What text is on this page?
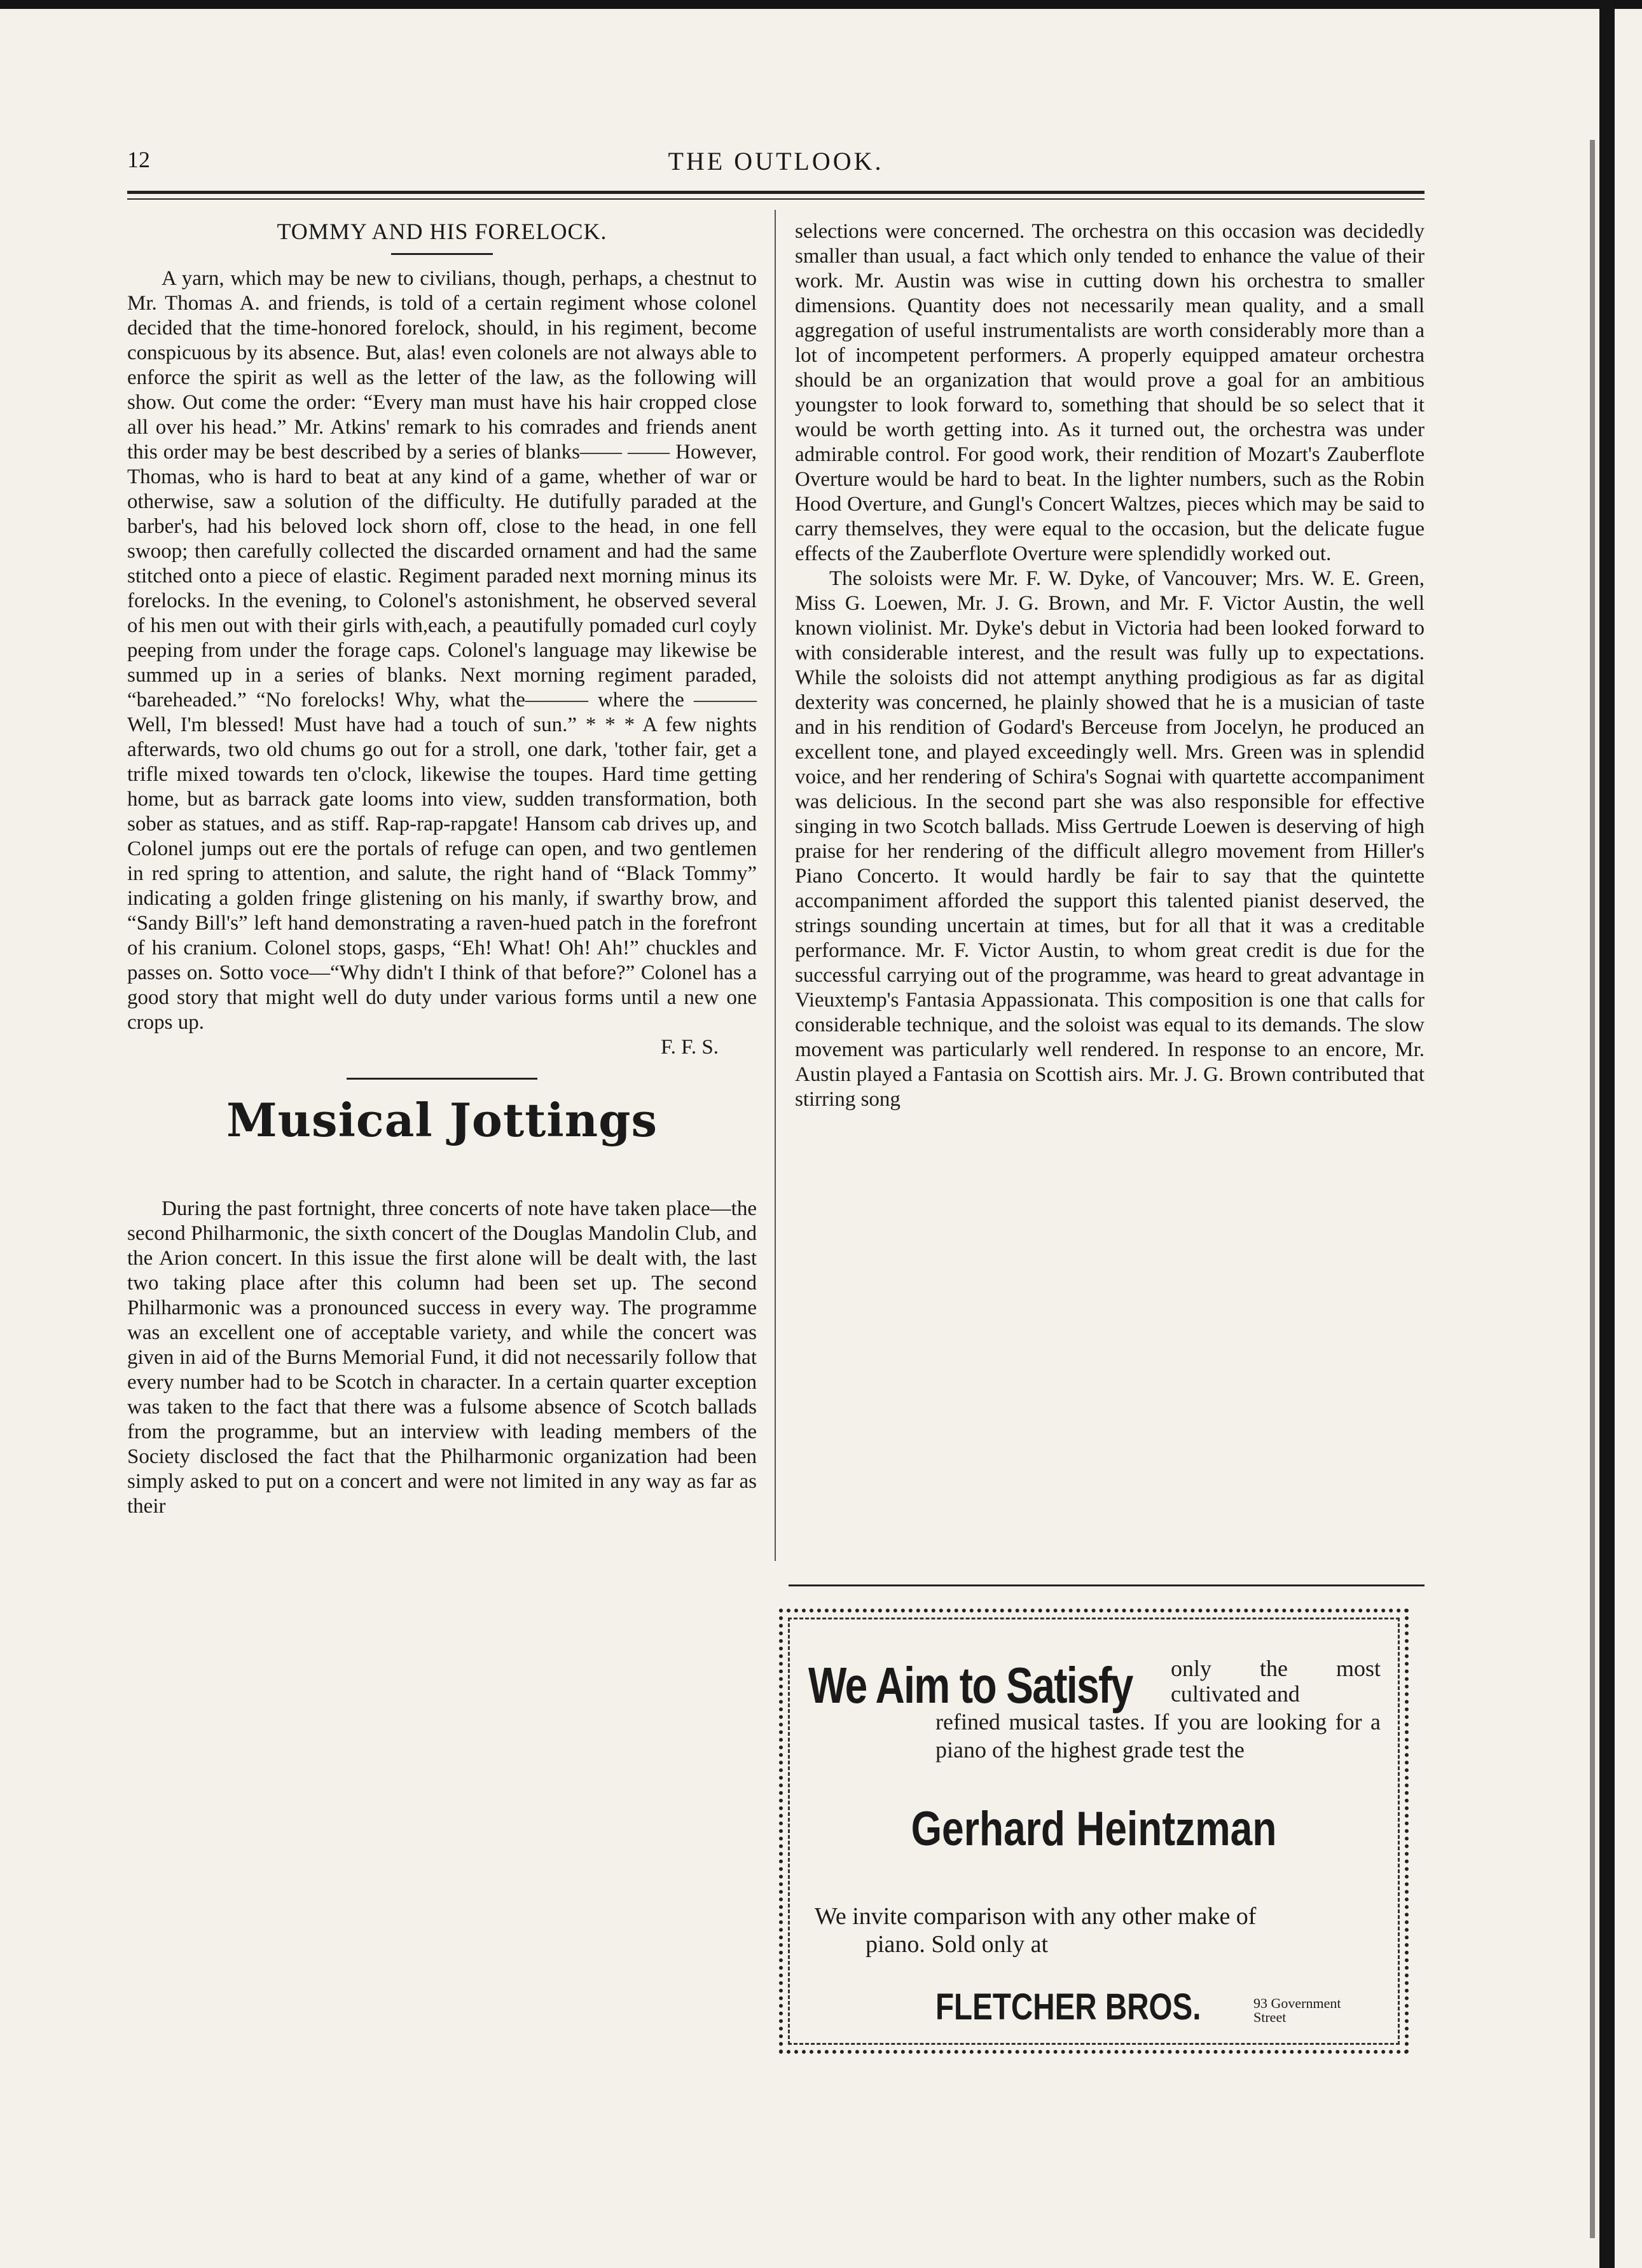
12	THE OUTLOOK.
TOMMY AND HIS FORELOCK.

A yarn, which may be new to civilians, though, perhaps, a chestnut to Mr. Thomas A. and friends, is told of a certain regiment whose colonel decided that the time-honored forelock, should, in his regiment, become conspicuous by its absence. But, alas! even colonels are not always able to enforce the spirit as well as the letter of the law, as the following will show. Out come the order: “Every man must have his hair cropped close all over his head.” Mr. Atkins' remark to his comrades and friends anent this order may be best described by a series of blanks—— —— However, Thomas, who is hard to beat at any kind of a game, whether of war or otherwise, saw a solution of the difficulty. He dutifully paraded at the barber's, had his beloved lock shorn off, close to the head, in one fell swoop; then carefully collected the discarded ornament and had the same stitched onto a piece of elastic. Regiment paraded next morning minus its forelocks. In the evening, to Colonel's astonishment, he observed several of his men out with their girls with,each, a peautifully pomaded curl coyly peeping from under the forage caps. Colonel's language may likewise be summed up in a series of blanks. Next morning regiment paraded, “bareheaded.” “No forelocks! Why, what the——— where the ——— Well, I'm blessed! Must have had a touch of sun.” * * * A few nights afterwards, two old chums go out for a stroll, one dark, 'tother fair, get a trifle mixed towards ten o'clock, likewise the toupes. Hard time getting home, but as barrack gate looms into view, sudden transformation, both sober as statues, and as stiff. Rap-rap-rapgate! Hansom cab drives up, and Colonel jumps out ere the portals of refuge can open, and two gentlemen in red spring to attention, and salute, the right hand of “Black Tommy” indicating a golden fringe glistening on his manly, if swarthy brow, and “Sandy Bill's” left hand demonstrating a raven-hued patch in the forefront of his cranium. Colonel stops, gasps, “Eh! What! Oh! Ah!” chuckles and passes on. Sotto voce—“Why didn't I think of that before?” Colonel has a good story that might well do duty under various forms until a new one crops up.

F. F. S.
Musical Jottings

During the past fortnight, three concerts of note have taken place—the second Philharmonic, the sixth concert of the Douglas Mandolin Club, and the Arion concert. In this issue the first alone will be dealt with, the last two taking place after this column had been set up. The second Philharmonic was a pronounced success in every way. The programme was an excellent one of acceptable variety, and while the concert was given in aid of the Burns Memorial Fund, it did not necessarily follow that every number had to be Scotch in character. In a certain quarter exception was taken to the fact that there was a fulsome absence of Scotch ballads from the programme, but an interview with leading members of the Society disclosed the fact that the Philharmonic organization had been simply asked to put on a concert and were not limited in any way as far as their

selections were concerned. The orchestra on this occasion was decidedly smaller than usual, a fact which only tended to enhance the value of their work. Mr. Austin was wise in cutting down his orchestra to smaller dimensions. Quantity does not necessarily mean quality, and a small aggregation of useful instrumentalists are worth considerably more than a lot of incompetent performers. A properly equipped amateur orchestra should be an organization that would prove a goal for an ambitious youngster to look forward to, something that should be so select that it would be worth getting into. As it turned out, the orchestra was under admirable control. For good work, their rendition of Mozart's Zauberflote Overture would be hard to beat. In the lighter numbers, such as the Robin Hood Overture, and Gungl's Concert Waltzes, pieces which may be said to carry themselves, they were equal to the occasion, but the delicate fugue effects of the Zauberflote Overture were splendidly worked out.

The soloists were Mr. F. W. Dyke, of Vancouver; Mrs. W. E. Green, Miss G. Loewen, Mr. J. G. Brown, and Mr. F. Victor Austin, the well known violinist. Mr. Dyke's debut in Victoria had been looked forward to with considerable interest, and the result was fully up to expectations. While the soloists did not attempt anything prodigious as far as digital dexterity was concerned, he plainly showed that he is a musician of taste and in his rendition of Godard's Berceuse from Jocelyn, he produced an excellent tone, and played exceedingly well. Mrs. Green was in splendid voice, and her rendering of Schira's Sognai with quartette accompaniment was delicious. In the second part she was also responsible for effective singing in two Scotch ballads. Miss Gertrude Loewen is deserving of high praise for her rendering of the difficult allegro movement from Hiller's Piano Concerto. It would hardly be fair to say that the quintette accompaniment afforded the support this talented pianist deserved, the strings sounding uncertain at times, but for all that it was a creditable performance. Mr. F. Victor Austin, to whom great credit is due for the successful carrying out of the programme, was heard to great advantage in Vieuxtemp's Fantasia Appassionata. This composition is one that calls for considerable technique, and the soloist was equal to its demands. The slow movement was particularly well rendered. In response to an encore, Mr. Austin played a Fantasia on Scottish airs. Mr. J. G. Brown contributed that stirring song

We Aim to Satisfy only the most cultivated and
refined musical tastes. If you are looking for a piano of the highest grade test the
Gerhard Heintzman
We invite comparison with any other make of
piano. Sold only at
FLETCHER BROS.	93 Government
Street
